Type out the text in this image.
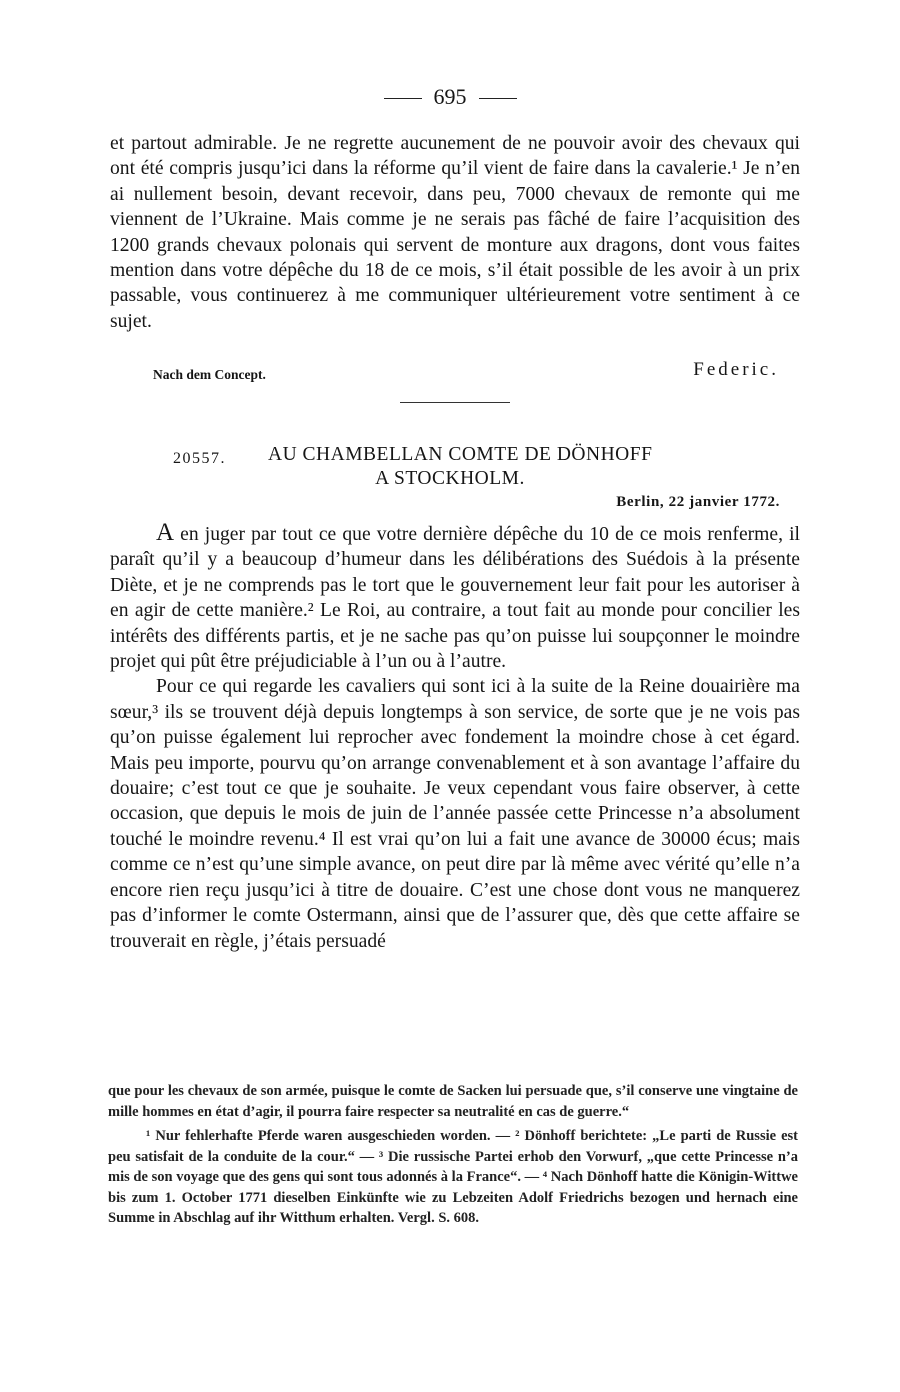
695

et partout admirable. Je ne regrette aucunement de ne pouvoir avoir des chevaux qui ont été compris jusqu’ici dans la réforme qu’il vient de faire dans la cavalerie.¹ Je n’en ai nullement besoin, devant recevoir, dans peu, 7000 chevaux de remonte qui me viennent de l’Ukraine. Mais comme je ne serais pas fâché de faire l’acquisition des 1200 grands chevaux polonais qui servent de monture aux dragons, dont vous faites mention dans votre dépêche du 18 de ce mois, s’il était possible de les avoir à un prix passable, vous continuerez à me communiquer ultérieurement votre sentiment à ce sujet.

Nach dem Concept.	Federic.
20557. AU CHAMBELLAN COMTE DE DÖNHOFF
A STOCKHOLM.
Berlin, 22 janvier 1772.

A en juger par tout ce que votre dernière dépêche du 10 de ce mois renferme, il paraît qu’il y a beaucoup d’humeur dans les délibérations des Suédois à la présente Diète, et je ne comprends pas le tort que le gouvernement leur fait pour les autoriser à en agir de cette manière.² Le Roi, au contraire, a tout fait au monde pour concilier les intérêts des différents partis, et je ne sache pas qu’on puisse lui soupçonner le moindre projet qui pût être préjudiciable à l’un ou à l’autre.

Pour ce qui regarde les cavaliers qui sont ici à la suite de la Reine douairière ma sœur,³ ils se trouvent déjà depuis longtemps à son service, de sorte que je ne vois pas qu’on puisse également lui reprocher avec fondement la moindre chose à cet égard. Mais peu importe, pourvu qu’on arrange convenablement et à son avantage l’affaire du douaire; c’est tout ce que je souhaite. Je veux cependant vous faire observer, à cette occasion, que depuis le mois de juin de l’année passée cette Princesse n’a absolument touché le moindre revenu.⁴ Il est vrai qu’on lui a fait une avance de 30000 écus; mais comme ce n’est qu’une simple avance, on peut dire par là même avec vérité qu’elle n’a encore rien reçu jusqu’ici à titre de douaire. C’est une chose dont vous ne manquerez pas d’informer le comte Ostermann, ainsi que de l’assurer que, dès que cette affaire se trouverait en règle, j’étais persuadé

que pour les chevaux de son armée, puisque le comte de Sacken lui persuade que, s’il conserve une vingtaine de mille hommes en état d’agir, il pourra faire respecter sa neutralité en cas de guerre.“

¹ Nur fehlerhafte Pferde waren ausgeschieden worden. — ² Dönhoff berichtete: „Le parti de Russie est peu satisfait de la conduite de la cour.“ — ³ Die russische Partei erhob den Vorwurf, „que cette Princesse n’a mis de son voyage que des gens qui sont tous adonnés à la France“. — ⁴ Nach Dönhoff hatte die Königin-Wittwe bis zum 1. October 1771 dieselben Einkünfte wie zu Lebzeiten Adolf Friedrichs bezogen und hernach eine Summe in Abschlag auf ihr Witthum erhalten. Vergl. S. 608.
